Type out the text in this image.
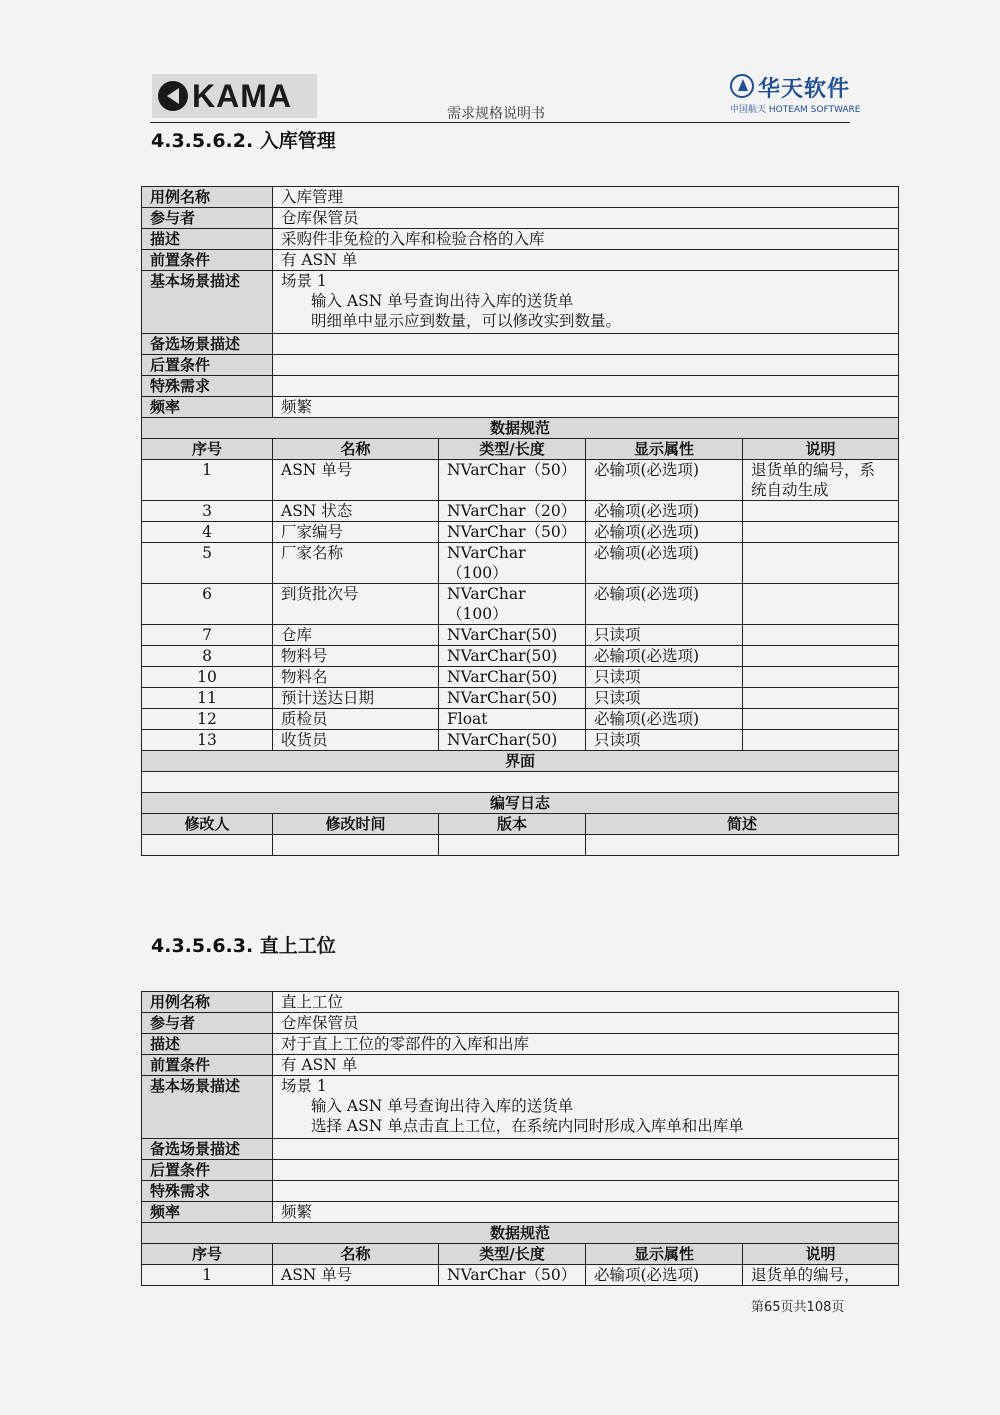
KAMA
需求规格说明书
华天软件
中国航天 HOTEAM SOFTWARE
4.3.5.6.2. 入库管理
用例名称	入库管理			
参与者	仓库保管员			
描述	采购件非免检的入库和检验合格的入库			
前置条件	有 ASN 单			
基本场景描述	场景 1
输入 ASN 单号查询出待入库的送货单
明细单中显示应到数量，可以修改实到数量。			

备选场景描述				
后置条件				
特殊需求				
频率	频繁			
数据规范				
序号	名称	类型/长度	显示属性	说明
1	ASN 单号	NVarChar（50）	必输项(必选项)	退货单的编号，系统自动生成
3	ASN 状态	NVarChar（20）	必输项(必选项)	
4	厂家编号	NVarChar（50）	必输项(必选项)	
5	厂家名称	NVarChar（100）	必输项(必选项)	
6	到货批次号	NVarChar（100）	必输项(必选项)	
7	仓库	NVarChar(50)	只读项	
8	物料号	NVarChar(50)	必输项(必选项)	
10	物料名	NVarChar(50)	只读项	
11	预计送达日期	NVarChar(50)	只读项	
12	质检员	Float	必输项(必选项)	
13	收货员	NVarChar(50)	只读项	
界面				

编写日志				
修改人	修改时间	版本	简述	

4.3.5.6.3. 直上工位
用例名称	直上工位			
参与者	仓库保管员			
描述	对于直上工位的零部件的入库和出库			
前置条件	有 ASN 单			
基本场景描述	场景 1
输入 ASN 单号查询出待入库的送货单
选择 ASN 单点击直上工位，在系统内同时形成入库单和出库单			

备选场景描述				
后置条件				
特殊需求				
频率	频繁			
数据规范				
序号	名称	类型/长度	显示属性	说明
1	ASN 单号	NVarChar（50）	必输项(必选项)	退货单的编号，
第65页共108页
